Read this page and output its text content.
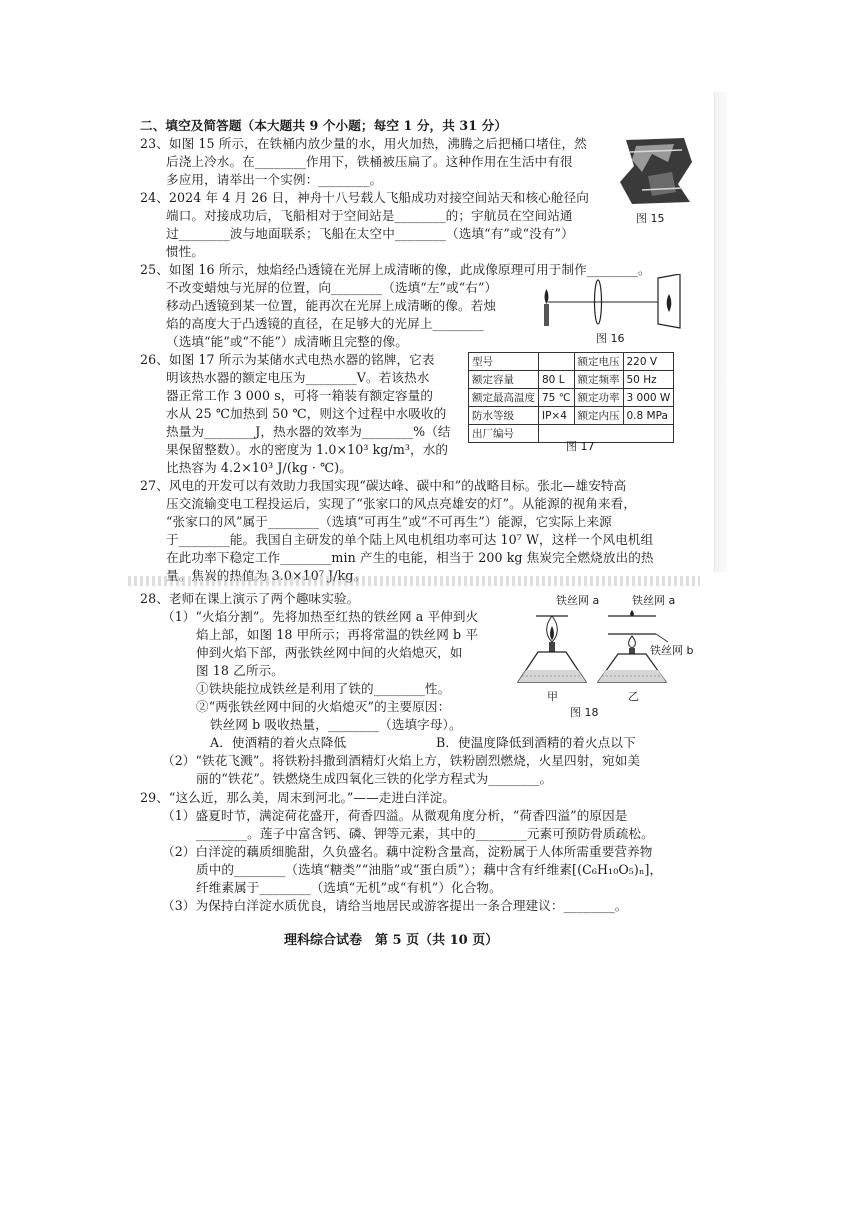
二、填空及简答题（本大题共 9 个小题；每空 1 分，共 31 分）
23、如图 15 所示，在铁桶内放少量的水，用火加热，沸腾之后把桶口堵住，然
后浇上冷水。在________作用下，铁桶被压扁了。这种作用在生活中有很
多应用，请举出一个实例：________。
图 15
24、2024 年 4 月 26 日，神舟十八号载人飞船成功对接空间站天和核心舱径向
端口。对接成功后，飞船相对于空间站是________的；宇航员在空间站通
过________波与地面联系；飞船在太空中________（选填“有”或“没有”）
惯性。
25、如图 16 所示，烛焰经凸透镜在光屏上成清晰的像，此成像原理可用于制作________。
不改变蜡烛与光屏的位置，向________（选填“左”或“右”）
移动凸透镜到某一位置，能再次在光屏上成清晰的像。若烛
焰的高度大于凸透镜的直径，在足够大的光屏上________
（选填“能”或“不能”）成清晰且完整的像。	图 16
26、如图 17 所示为某储水式电热水器的铭牌，它表
明该热水器的额定电压为________V。若该热水
器正常工作 3 000 s，可将一箱装有额定容量的
水从 25 ℃加热到 50 ℃，则这个过程中水吸收的
热量为________J，热水器的效率为________%（结
果保留整数）。水的密度为 1.0×10³ kg/m³，水的
比热容为 4.2×10³ J/(kg · ℃)。
型号		额定电压	220 V
额定容量	80 L	额定频率	50 Hz
额定最高温度	75 ℃	额定功率	3 000 W
防水等级	IP×4	额定内压	0.8 MPa
出厂编号			
图 17
27、风电的开发可以有效助力我国实现“碳达峰、碳中和”的战略目标。张北—雄安特高
压交流输变电工程投运后，实现了“张家口的风点亮雄安的灯”。从能源的视角来看，
“张家口的风”属于________（选填“可再生”或“不可再生”）能源，它实际上来源
于________能。我国自主研发的单个陆上风电机组功率可达 10⁷ W，这样一个风电机组
在此功率下稳定工作________min 产生的电能，相当于 200 kg 焦炭完全燃烧放出的热
量。焦炭的热值为 3.0×10⁷ J/kg。
28、老师在课上演示了两个趣味实验。
（1）“火焰分割”。先将加热至红热的铁丝网 a 平伸到火
焰上部，如图 18 甲所示；再将常温的铁丝网 b 平
伸到火焰下部，两张铁丝网中间的火焰熄灭，如
图 18 乙所示。
①铁块能拉成铁丝是利用了铁的________性。
②“两张铁丝网中间的火焰熄灭”的主要原因：
铁丝网 b 吸收热量，________（选填字母）。
A．使酒精的着火点降低	B．使温度降低到酒精的着火点以下
（2）“铁花飞溅”。将铁粉抖撒到酒精灯火焰上方，铁粉剧烈燃烧，火星四射，宛如美
丽的“铁花”。铁燃烧生成四氧化三铁的化学方程式为________。
铁丝网 a	铁丝网 a
铁丝网 b
甲	乙
图 18
29、“这么近，那么美，周末到河北。”——走进白洋淀。
（1）盛夏时节，满淀荷花盛开，荷香四溢。从微观角度分析，“荷香四溢”的原因是
________。莲子中富含钙、磷、钾等元素，其中的________元素可预防骨质疏松。
（2）白洋淀的藕质细脆甜，久负盛名。藕中淀粉含量高，淀粉属于人体所需重要营养物
质中的________（选填“糖类”“油脂”或“蛋白质”）；藕中含有纤维素[(C₆H₁₀O₅)ₙ]，
纤维素属于________（选填“无机”或“有机”）化合物。
（3）为保持白洋淀水质优良，请给当地居民或游客提出一条合理建议：________。
理科综合试卷　第 5 页（共 10 页）
